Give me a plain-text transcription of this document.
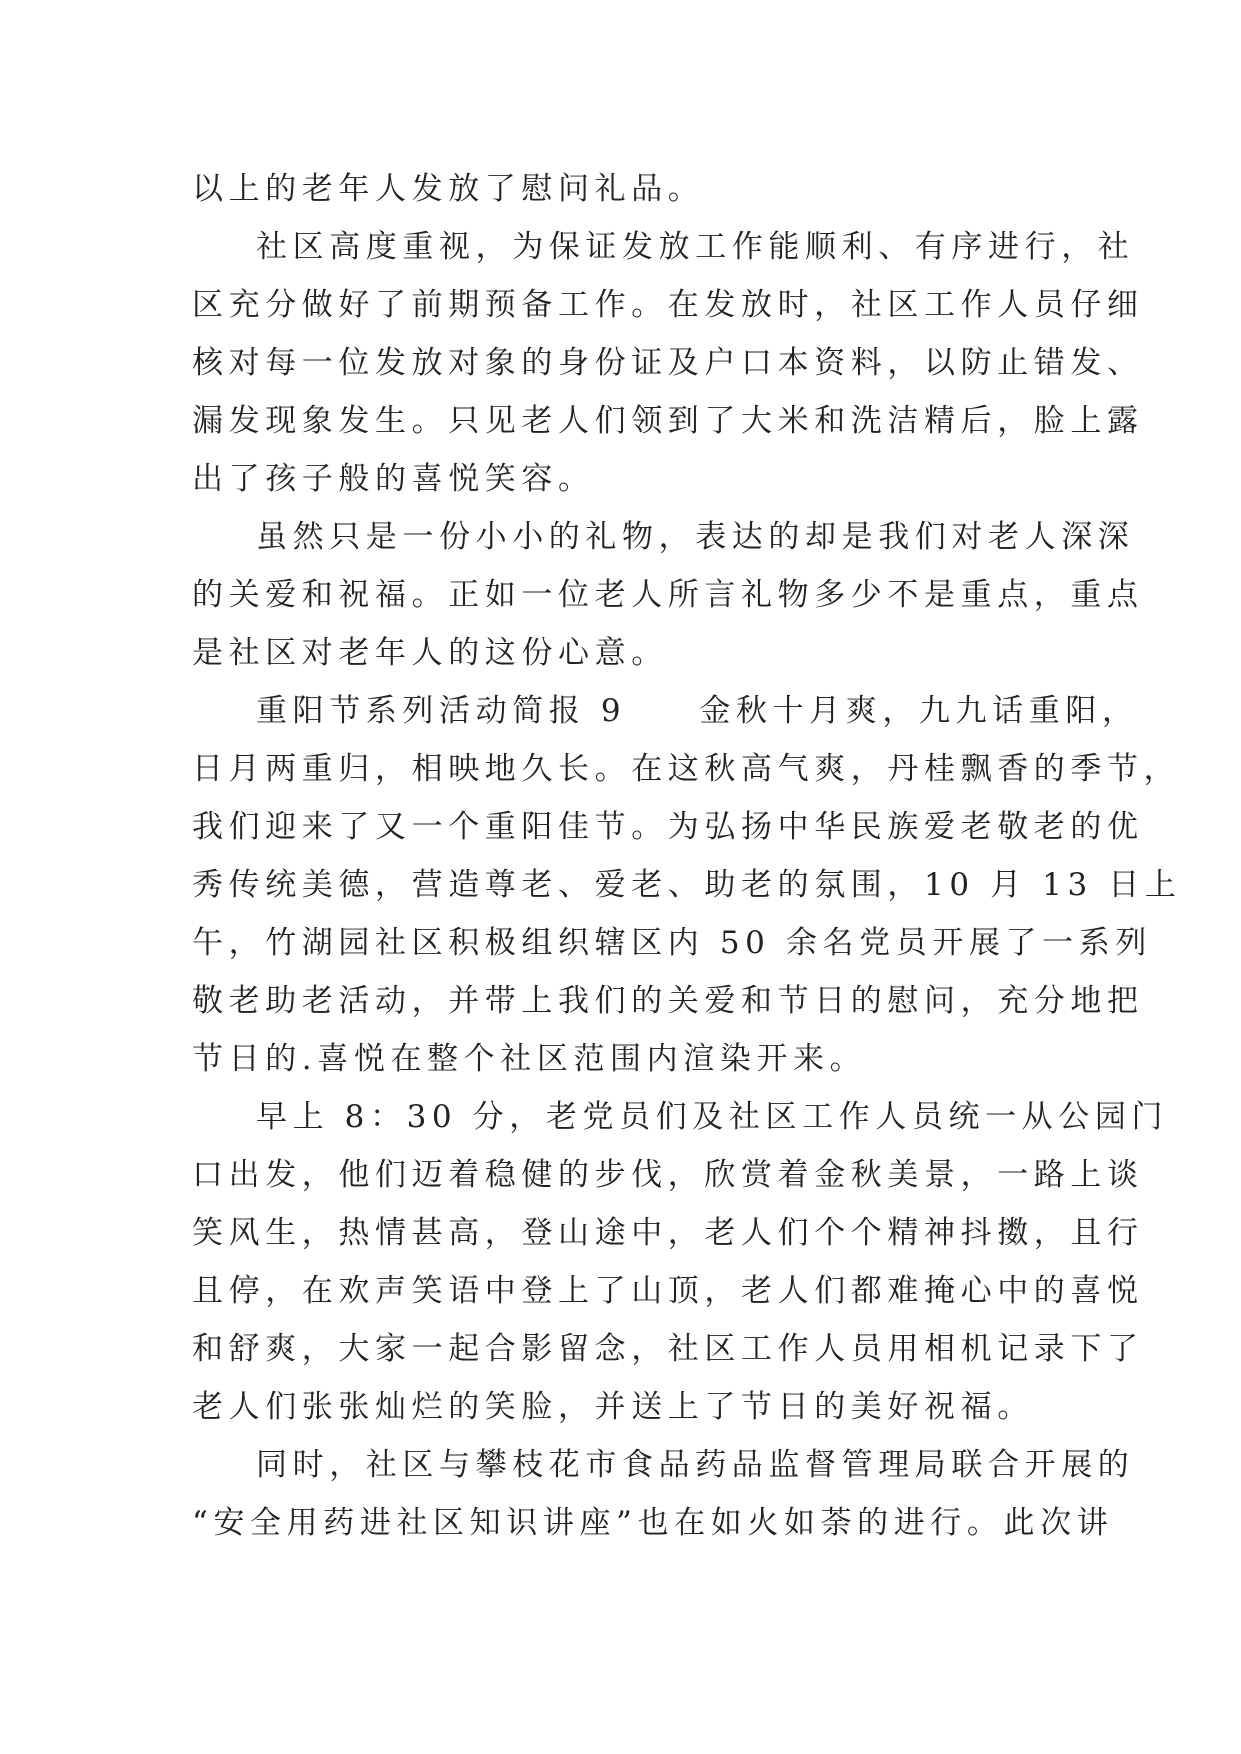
以上的老年人发放了慰问礼品。
社区高度重视，为保证发放工作能顺利、有序进行，社
区充分做好了前期预备工作。在发放时，社区工作人员仔细
核对每一位发放对象的身份证及户口本资料，以防止错发、
漏发现象发生。只见老人们领到了大米和洗洁精后，脸上露
出了孩子般的喜悦笑容。
虽然只是一份小小的礼物，表达的却是我们对老人深深
的关爱和祝福。正如一位老人所言礼物多少不是重点，重点
是社区对老年人的这份心意。
重阳节系列活动简报 9　　金秋十月爽，九九话重阳，
日月两重归，相映地久长。在这秋高气爽，丹桂飘香的季节，
我们迎来了又一个重阳佳节。为弘扬中华民族爱老敬老的优
秀传统美德，营造尊老、爱老、助老的氛围，10 月 13 日上
午，竹湖园社区积极组织辖区内 50 余名党员开展了一系列
敬老助老活动，并带上我们的关爱和节日的慰问，充分地把
节日的.喜悦在整个社区范围内渲染开来。
早上 8：30 分，老党员们及社区工作人员统一从公园门
口出发，他们迈着稳健的步伐，欣赏着金秋美景，一路上谈
笑风生，热情甚高，登山途中，老人们个个精神抖擞，且行
且停，在欢声笑语中登上了山顶，老人们都难掩心中的喜悦
和舒爽，大家一起合影留念，社区工作人员用相机记录下了
老人们张张灿烂的笑脸，并送上了节日的美好祝福。
同时，社区与攀枝花市食品药品监督管理局联合开展的
“安全用药进社区知识讲座”也在如火如荼的进行。此次讲
